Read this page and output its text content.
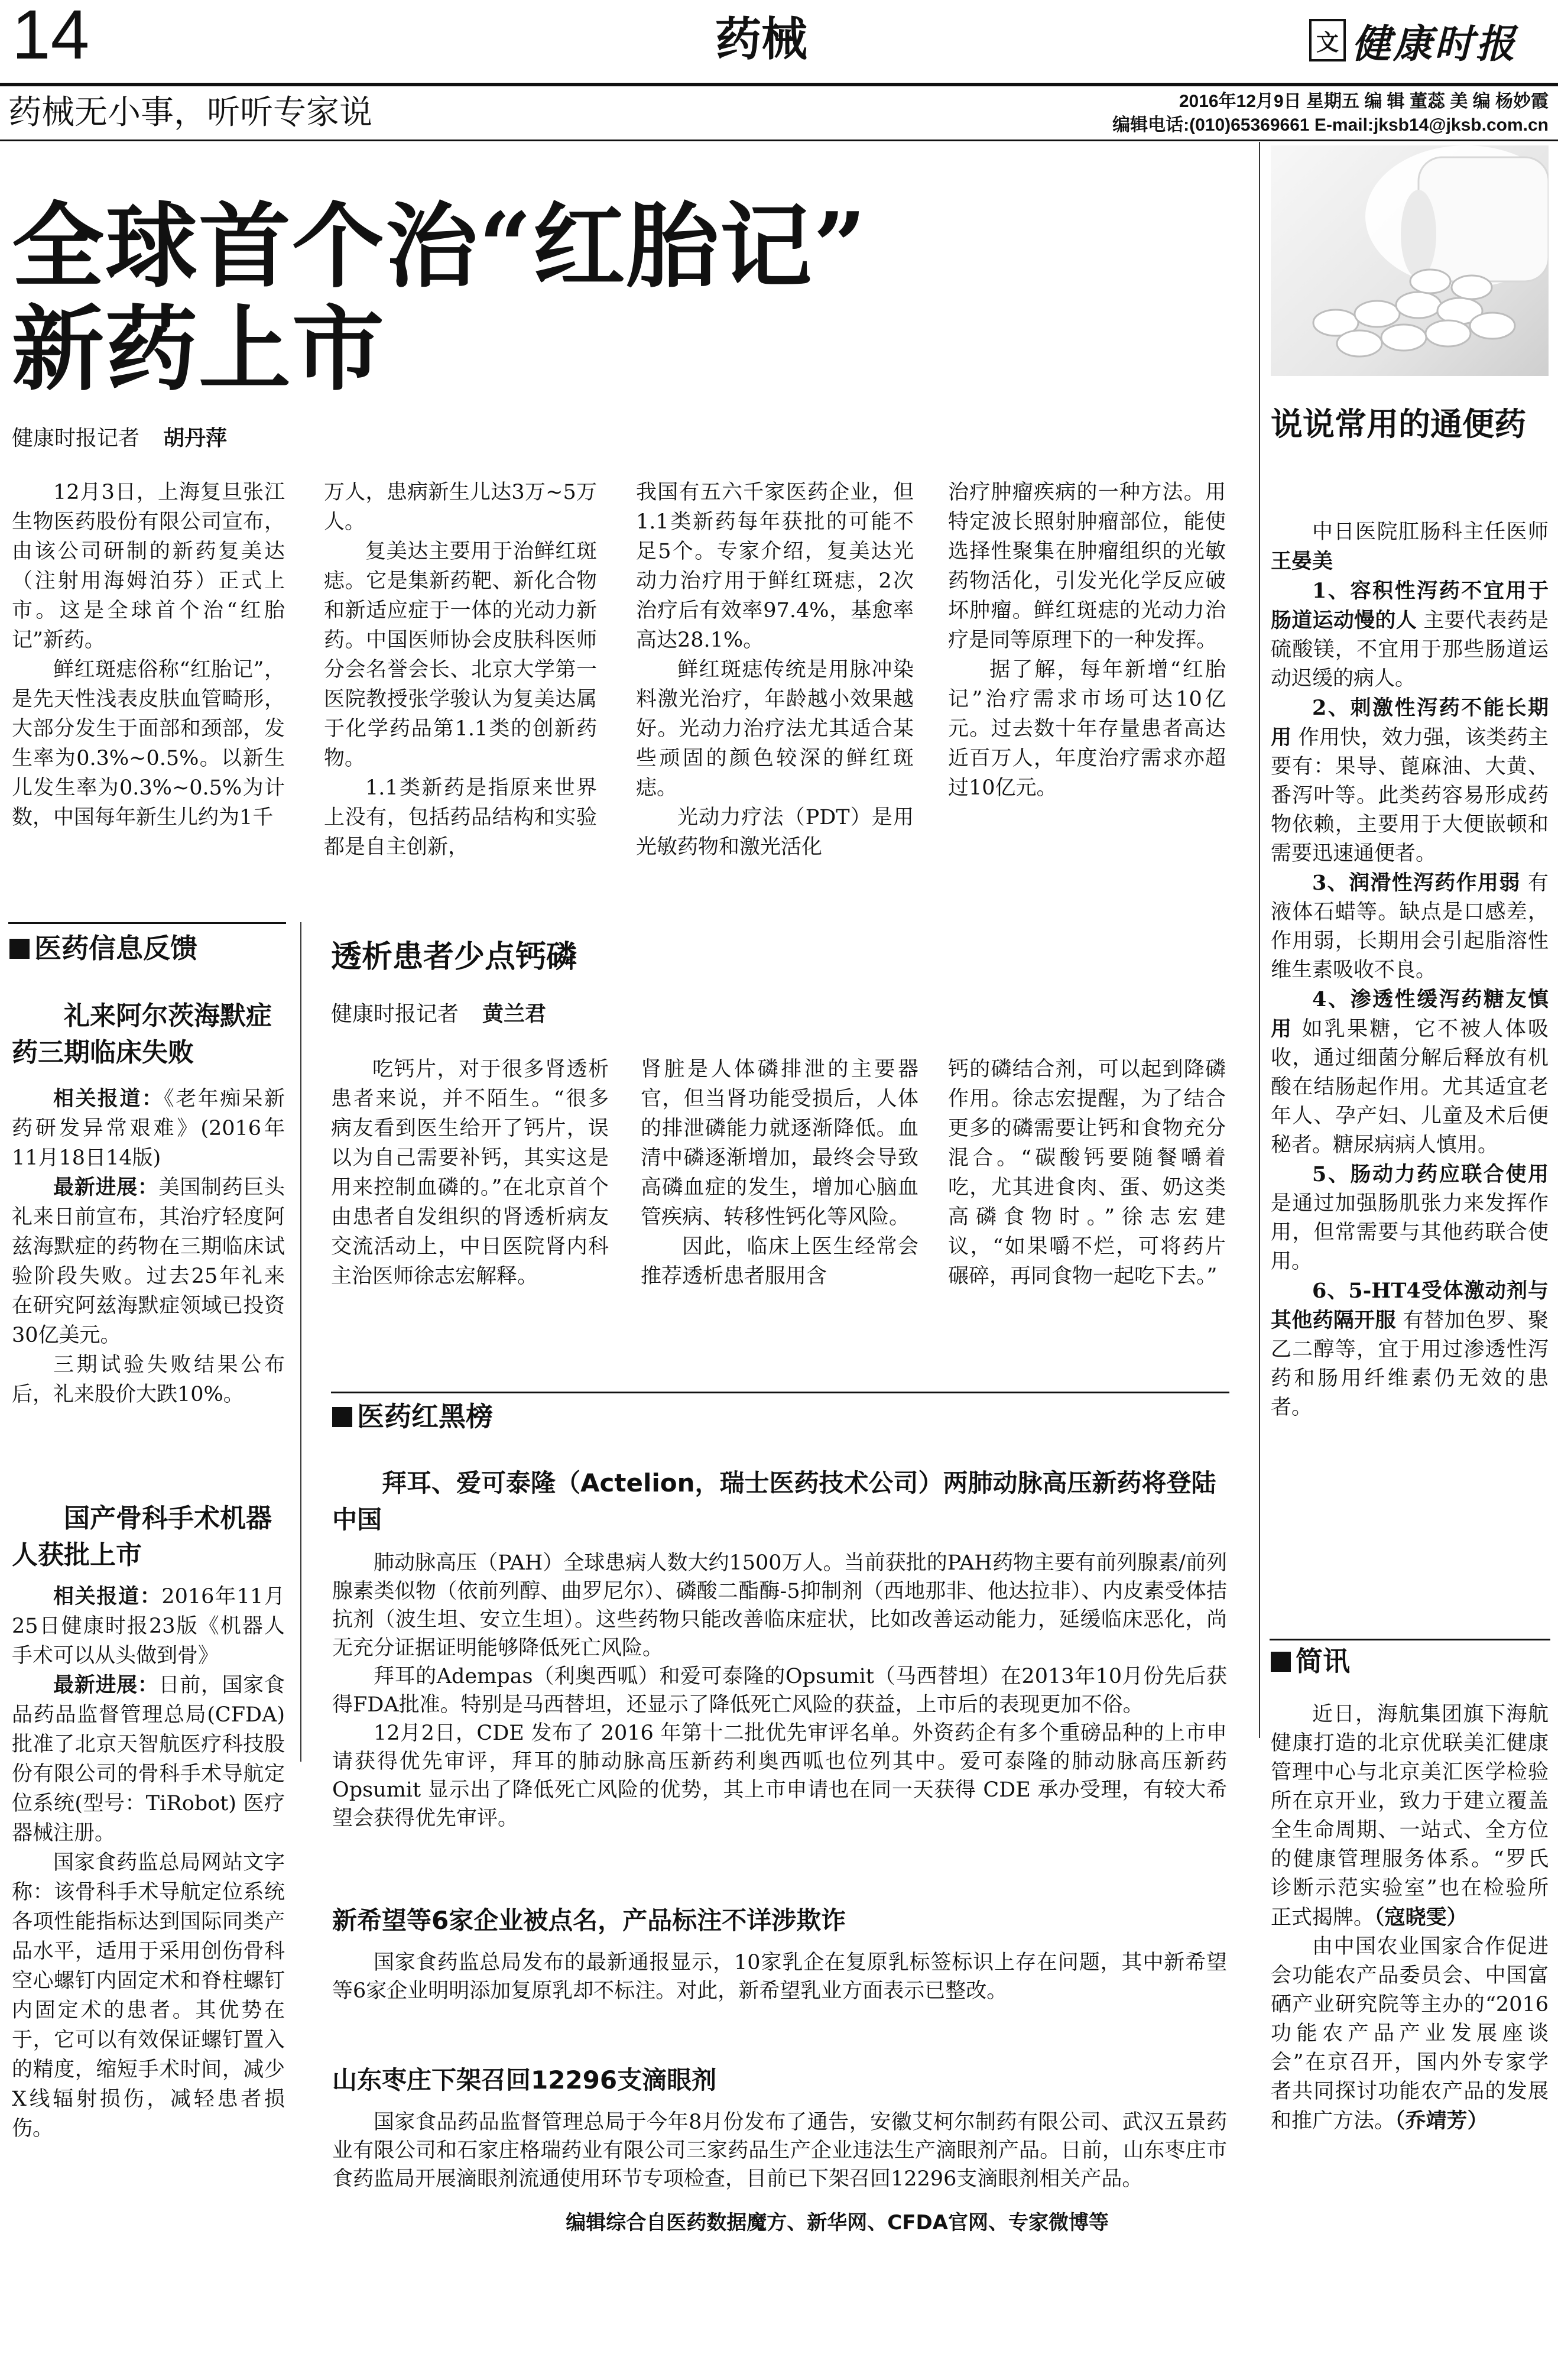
14	药械	文 健康时报
药械无小事，听听专家说	2016年12月9日 星期五 编 辑 董蕊 美 编 杨妙霞
编辑电话:(010)65369661 E-mail:jksb14@jksb.com.cn
全球首个治“红胎记”
新药上市
健康时报记者 胡丹萍

12月3日，上海复旦张江生物医药股份有限公司宣布，由该公司研制的新药复美达（注射用海姆泊芬）正式上市。这是全球首个治“红胎记”新药。

鲜红斑痣俗称“红胎记”，是先天性浅表皮肤血管畸形，大部分发生于面部和颈部，发生率为0.3%~0.5%。以新生儿发生率为0.3%~0.5%为计数，中国每年新生儿约为1千

万人，患病新生儿达3万~5万人。

复美达主要用于治鲜红斑痣。它是集新药靶、新化合物和新适应症于一体的光动力新药。中国医师协会皮肤科医师分会名誉会长、北京大学第一医院教授张学骏认为复美达属于化学药品第1.1类的创新药物。

1.1类新药是指原来世界上没有，包括药品结构和实验都是自主创新，

我国有五六千家医药企业，但1.1类新药每年获批的可能不足5个。专家介绍，复美达光动力治疗用于鲜红斑痣，2次治疗后有效率97.4%，基愈率高达28.1%。

鲜红斑痣传统是用脉冲染料激光治疗，年龄越小效果越好。光动力治疗法尤其适合某些顽固的颜色较深的鲜红斑痣。

光动力疗法（PDT）是用光敏药物和激光活化

治疗肿瘤疾病的一种方法。用特定波长照射肿瘤部位，能使选择性聚集在肿瘤组织的光敏药物活化，引发光化学反应破坏肿瘤。鲜红斑痣的光动力治疗是同等原理下的一种发挥。

据了解，每年新增“红胎记”治疗需求市场可达10亿元。过去数十年存量患者高达近百万人，年度治疗需求亦超过10亿元。

说说常用的通便药

中日医院肛肠科主任医师　王晏美

1、容积性泻药不宜用于肠道运动慢的人 主要代表药是硫酸镁，不宜用于那些肠道运动迟缓的病人。

2、刺激性泻药不能长期用 作用快，效力强，该类药主要有：果导、蓖麻油、大黄、番泻叶等。此类药容易形成药物依赖，主要用于大便嵌顿和需要迅速通便者。

3、润滑性泻药作用弱 有液体石蜡等。缺点是口感差，作用弱，长期用会引起脂溶性维生素吸收不良。

4、渗透性缓泻药糖友慎用 如乳果糖，它不被人体吸收，通过细菌分解后释放有机酸在结肠起作用。尤其适宜老年人、孕产妇、儿童及术后便秘者。糖尿病病人慎用。

5、肠动力药应联合使用 是通过加强肠肌张力来发挥作用，但常需要与其他药联合使用。

6、5-HT4受体激动剂与其他药隔开服 有替加色罗、聚乙二醇等，宜于用过渗透性泻药和肠用纤维素仍无效的患者。

简讯

近日，海航集团旗下海航健康打造的北京优联美汇健康管理中心与北京美汇医学检验所在京开业，致力于建立覆盖全生命周期、一站式、全方位的健康管理服务体系。“罗氏诊断示范实验室”也在检验所正式揭牌。（寇晓雯）

由中国农业国家合作促进会功能农产品委员会、中国富硒产业研究院等主办的“2016功能农产品产业发展座谈会”在京召开，国内外专家学者共同探讨功能农产品的发展和推广方法。（乔靖芳）

医药信息反馈
礼来阿尔茨海默症药三期临床失败

相关报道：《老年痴呆新药研发异常艰难》(2016年11月18日14版)

最新进展：美国制药巨头礼来日前宣布，其治疗轻度阿兹海默症的药物在三期临床试验阶段失败。过去25年礼来在研究阿兹海默症领域已投资30亿美元。

三期试验失败结果公布后，礼来股价大跌10%。

国产骨科手术机器人获批上市

相关报道：2016年11月25日健康时报23版《机器人手术可以从头做到骨》

最新进展：日前，国家食品药品监督管理总局(CFDA) 批准了北京天智航医疗科技股份有限公司的骨科手术导航定位系统(型号：TiRobot) 医疗器械注册。

国家食药监总局网站文字称：该骨科手术导航定位系统各项性能指标达到国际同类产品水平，适用于采用创伤骨科空心螺钉内固定术和脊柱螺钉内固定术的患者。其优势在于，它可以有效保证螺钉置入的精度，缩短手术时间，减少X线辐射损伤，减轻患者损伤。

透析患者少点钙磷
健康时报记者 黄兰君

吃钙片，对于很多肾透析患者来说，并不陌生。“很多病友看到医生给开了钙片，误以为自己需要补钙，其实这是用来控制血磷的。”在北京首个由患者自发组织的肾透析病友交流活动上，中日医院肾内科主治医师徐志宏解释。

肾脏是人体磷排泄的主要器官，但当肾功能受损后，人体的排泄磷能力就逐渐降低。血清中磷逐渐增加，最终会导致高磷血症的发生，增加心脑血管疾病、转移性钙化等风险。

因此，临床上医生经常会推荐透析患者服用含

钙的磷结合剂，可以起到降磷作用。徐志宏提醒，为了结合更多的磷需要让钙和食物充分混合。“碳酸钙要随餐嚼着吃，尤其进食肉、蛋、奶这类高磷食物时。”徐志宏建议，“如果嚼不烂，可将药片碾碎，再同食物一起吃下去。”

医药红黑榜
拜耳、爱可泰隆（Actelion，瑞士医药技术公司）两肺动脉高压新药将登陆中国

肺动脉高压（PAH）全球患病人数大约1500万人。当前获批的PAH药物主要有前列腺素/前列腺素类似物（依前列醇、曲罗尼尔）、磷酸二酯酶-5抑制剂（西地那非、他达拉非）、内皮素受体拮抗剂（波生坦、安立生坦）。这些药物只能改善临床症状，比如改善运动能力，延缓临床恶化，尚无充分证据证明能够降低死亡风险。

拜耳的Adempas（利奥西呱）和爱可泰隆的Opsumit（马西替坦）在2013年10月份先后获得FDA批准。特别是马西替坦，还显示了降低死亡风险的获益，上市后的表现更加不俗。

12月2日，CDE 发布了 2016 年第十二批优先审评名单。外资药企有多个重磅品种的上市申请获得优先审评，拜耳的肺动脉高压新药利奥西呱也位列其中。爱可泰隆的肺动脉高压新药 Opsumit 显示出了降低死亡风险的优势，其上市申请也在同一天获得 CDE 承办受理，有较大希望会获得优先审评。

新希望等6家企业被点名，产品标注不详涉欺诈

国家食药监总局发布的最新通报显示，10家乳企在复原乳标签标识上存在问题，其中新希望等6家企业明明添加复原乳却不标注。对此，新希望乳业方面表示已整改。

山东枣庄下架召回12296支滴眼剂

国家食品药品监督管理总局于今年8月份发布了通告，安徽艾柯尔制药有限公司、武汉五景药业有限公司和石家庄格瑞药业有限公司三家药品生产企业违法生产滴眼剂产品。日前，山东枣庄市食药监局开展滴眼剂流通使用环节专项检查，目前已下架召回12296支滴眼剂相关产品。

编辑综合自医药数据魔方、新华网、CFDA官网、专家微博等
